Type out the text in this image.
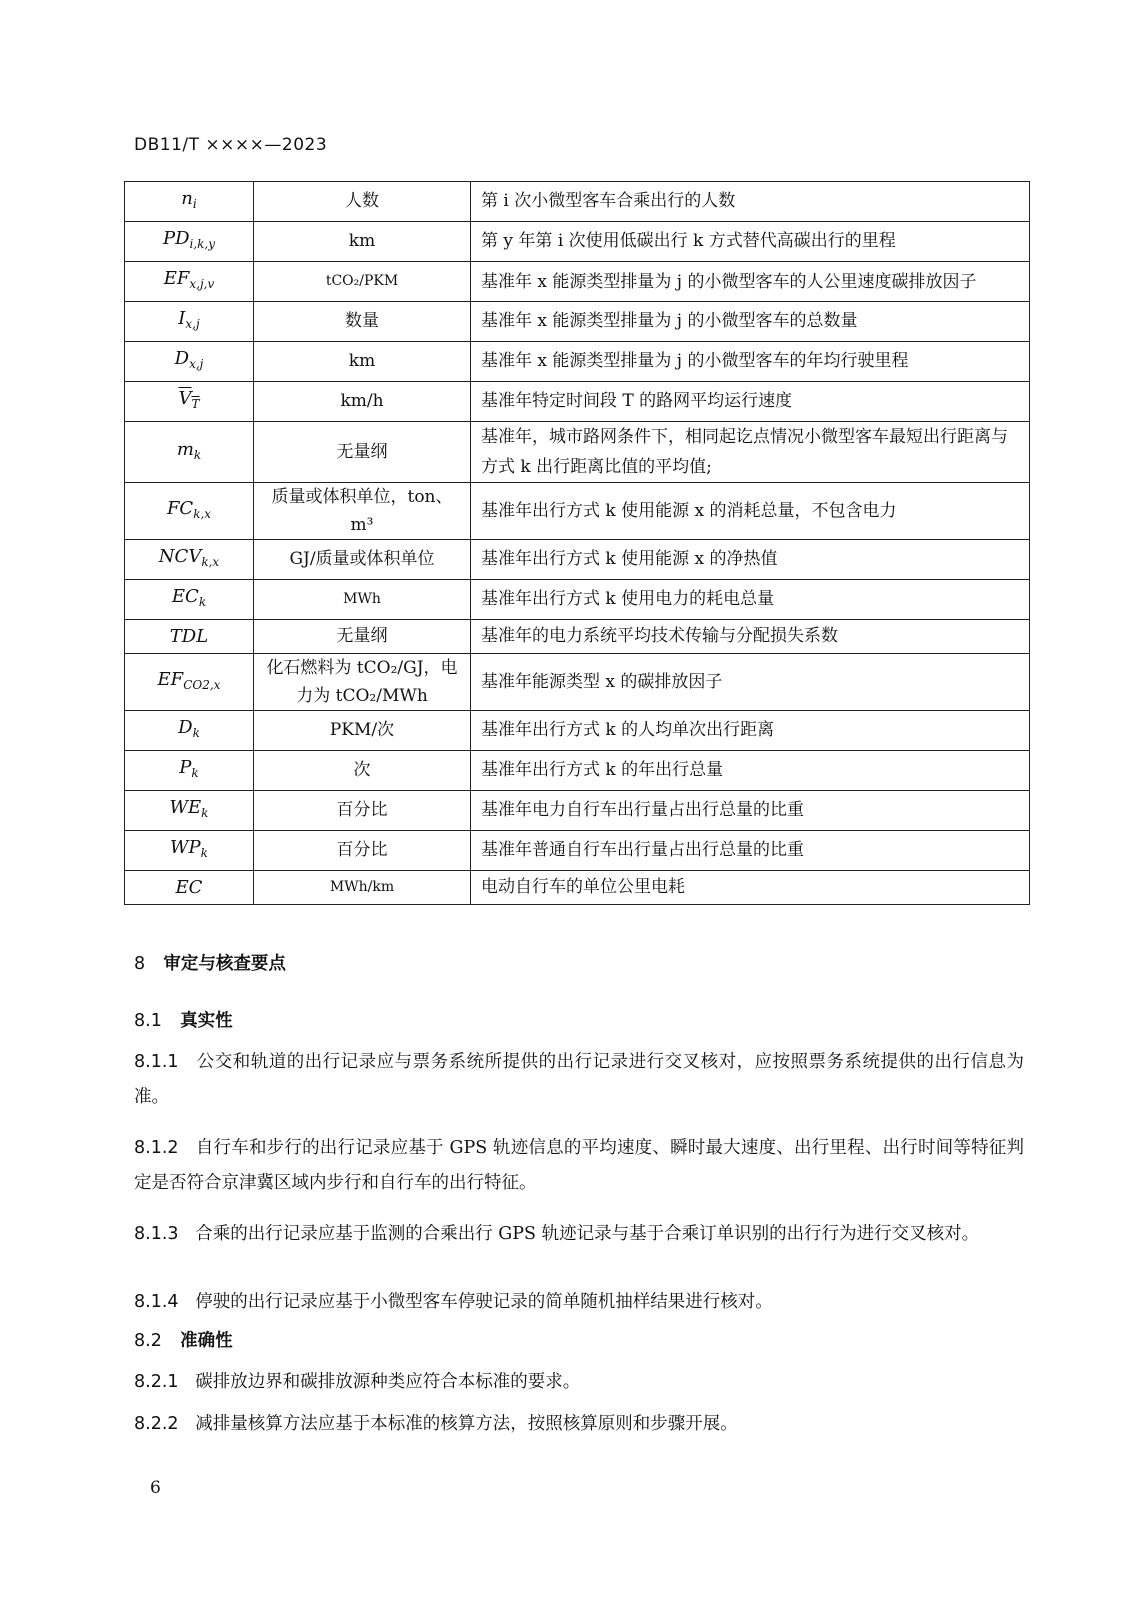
DB11/T ××××—2023
$n_i$	人数	第 i 次小微型客车合乘出行的人数
$PD_{i,k,y}$	km	第 y 年第 i 次使用低碳出行 k 方式替代高碳出行的里程
$EF_{x,j,v}$	tCO₂/PKM	基准年 x 能源类型排量为 j 的小微型客车的人公里速度碳排放因子
$I_{x,j}$	数量	基准年 x 能源类型排量为 j 的小微型客车的总数量
$D_{x,j}$	km	基准年 x 能源类型排量为 j 的小微型客车的年均行驶里程
$V_T$	km/h	基准年特定时间段 T 的路网平均运行速度
$m_k$	无量纲	基准年，城市路网条件下，相同起讫点情况小微型客车最短出行距离与方式 k 出行距离比值的平均值;
$FC_{k,x}$	质量或体积单位，ton、m³	基准年出行方式 k 使用能源 x 的消耗总量，不包含电力
$NCV_{k,x}$	GJ/质量或体积单位	基准年出行方式 k 使用能源 x 的净热值
$EC_k$	MWh	基准年出行方式 k 使用电力的耗电总量
TDL	无量纲	基准年的电力系统平均技术传输与分配损失系数
$EF_{CO2,x}$	化石燃料为 tCO₂/GJ，电力为 tCO₂/MWh	基准年能源类型 x 的碳排放因子
$D_k$	PKM/次	基准年出行方式 k 的人均单次出行距离
$P_k$	次	基准年出行方式 k 的年出行总量
$WE_k$	百分比	基准年电力自行车出行量占出行总量的比重
$WP_k$	百分比	基准年普通自行车出行量占出行总量的比重
EC	MWh/km	电动自行车的单位公里电耗
8 审定与核查要点
8.1 真实性
8.1.1 公交和轨道的出行记录应与票务系统所提供的出行记录进行交叉核对，应按照票务系统提供的出行信息为准。
8.1.2 自行车和步行的出行记录应基于 GPS 轨迹信息的平均速度、瞬时最大速度、出行里程、出行时间等特征判定是否符合京津冀区域内步行和自行车的出行特征。
8.1.3 合乘的出行记录应基于监测的合乘出行 GPS 轨迹记录与基于合乘订单识别的出行行为进行交叉核对。
8.1.4 停驶的出行记录应基于小微型客车停驶记录的简单随机抽样结果进行核对。
8.2 准确性
8.2.1 碳排放边界和碳排放源种类应符合本标准的要求。
8.2.2 减排量核算方法应基于本标准的核算方法，按照核算原则和步骤开展。
6
